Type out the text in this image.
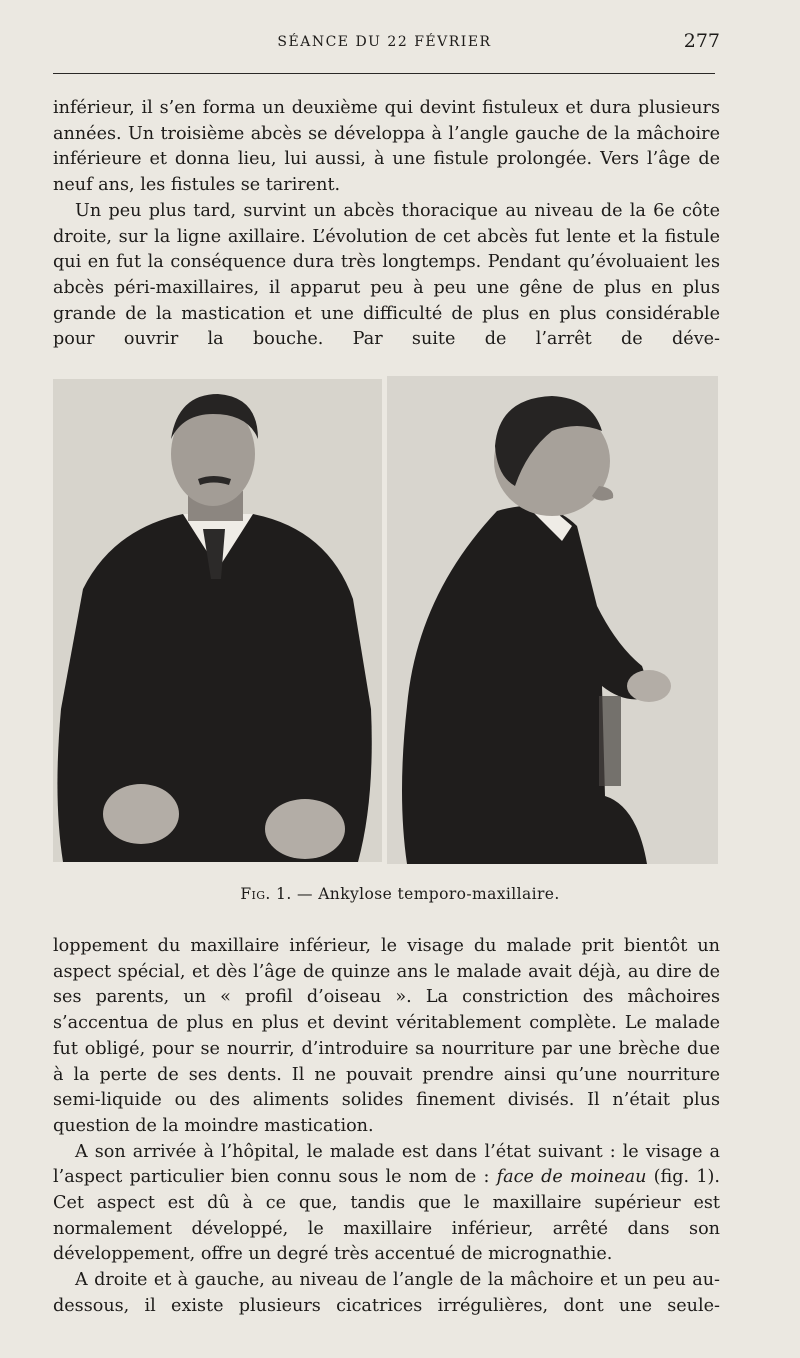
SÉANCE DU 22 FÉVRIER	277

inférieur, il s’en forma un deuxième qui devint fistuleux et dura plusieurs années. Un troisième abcès se développa à l’angle gauche de la mâchoire inférieure et donna lieu, lui aussi, à une fistule prolongée. Vers l’âge de neuf ans, les fistules se tarirent.

Un peu plus tard, survint un abcès thoracique au niveau de la 6e côte droite, sur la ligne axillaire. L’évolution de cet abcès fut lente et la fistule qui en fut la conséquence dura très longtemps. Pendant qu’évoluaient les abcès péri-maxillaires, il apparut peu à peu une gêne de plus en plus grande de la mastication et une difficulté de plus en plus considérable pour ouvrir la bouche. Par suite de l’arrêt de déve-

Fig. 1. — Ankylose temporo-maxillaire.

loppement du maxillaire inférieur, le visage du malade prit bientôt un aspect spécial, et dès l’âge de quinze ans le malade avait déjà, au dire de ses parents, un « profil d’oiseau ». La constriction des mâchoires s’accentua de plus en plus et devint véritablement complète. Le malade fut obligé, pour se nourrir, d’introduire sa nourriture par une brèche due à la perte de ses dents. Il ne pouvait prendre ainsi qu’une nourriture semi-liquide ou des aliments solides finement divisés. Il n’était plus question de la moindre mastication.

A son arrivée à l’hôpital, le malade est dans l’état suivant : le visage a l’aspect particulier bien connu sous le nom de : face de moineau (fig. 1). Cet aspect est dû à ce que, tandis que le maxillaire supérieur est normalement développé, le maxillaire inférieur, arrêté dans son développement, offre un degré très accentué de micrognathie.

A droite et à gauche, au niveau de l’angle de la mâchoire et un peu au-dessous, il existe plusieurs cicatrices irrégulières, dont une seule-
